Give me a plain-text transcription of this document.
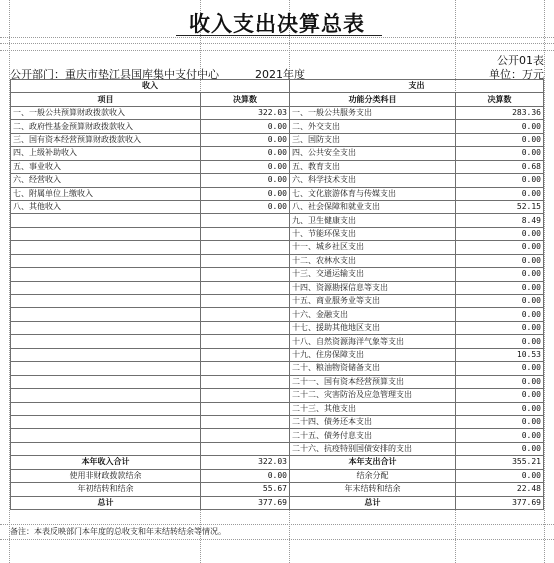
收入支出决算总表
公开01表
公开部门：重庆市垫江县国库集中支付中心	2021年度	单位：万元
收入		支出	
项目	决算数	功能分类科目	决算数
一、一般公共预算财政拨款收入	322.03	一、一般公共服务支出	283.36
二、政府性基金预算财政拨款收入	0.00	二、外交支出	0.00
三、国有资本经营预算财政拨款收入	0.00	三、国防支出	0.00
四、上级补助收入	0.00	四、公共安全支出	0.00
五、事业收入	0.00	五、教育支出	0.68
六、经营收入	0.00	六、科学技术支出	0.00
七、附属单位上缴收入	0.00	七、文化旅游体育与传媒支出	0.00
八、其他收入	0.00	八、社会保障和就业支出	52.15
		九、卫生健康支出	8.49
		十、节能环保支出	0.00
		十一、城乡社区支出	0.00
		十二、农林水支出	0.00
		十三、交通运输支出	0.00
		十四、资源勘探信息等支出	0.00
		十五、商业服务业等支出	0.00
		十六、金融支出	0.00
		十七、援助其他地区支出	0.00
		十八、自然资源海洋气象等支出	0.00
		十九、住房保障支出	10.53
		二十、粮油物资储备支出	0.00
		二十一、国有资本经营预算支出	0.00
		二十二、灾害防治及应急管理支出	0.00
		二十三、其他支出	0.00
		二十四、债务还本支出	0.00
		二十五、债务付息支出	0.00
		二十六、抗疫特别国债安排的支出	0.00
本年收入合计	322.03	本年支出合计	355.21
使用非财政拨款结余	0.00	结余分配	0.00
年初结转和结余	55.67	年末结转和结余	22.48
总计	377.69	总计	377.69
备注：本表反映部门本年度的总收支和年末结转结余等情况。
